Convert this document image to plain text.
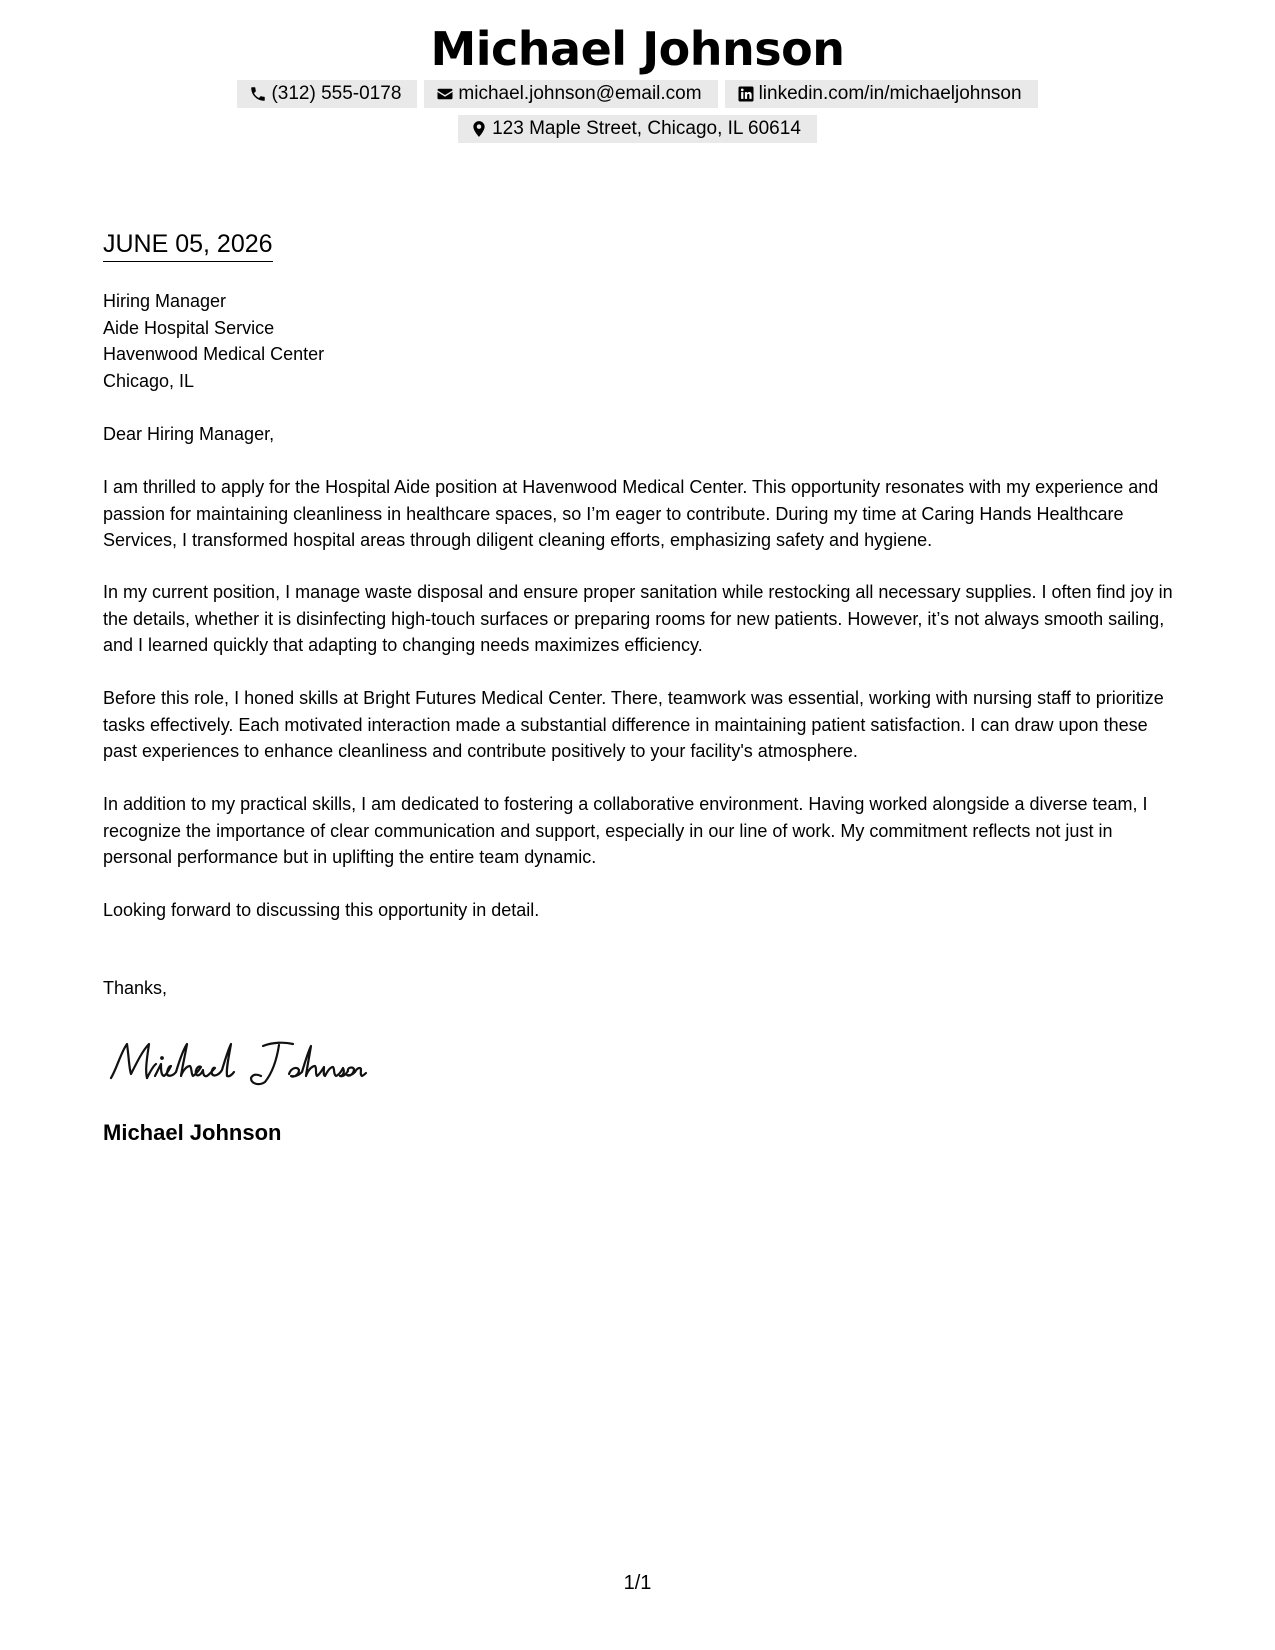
Michael Johnson
(312) 555-0178	michael.johnson@email.com	linkedin.com/in/michaeljohnson
123 Maple Street, Chicago, IL 60614
JUNE 05, 2026
Hiring Manager
Aide Hospital Service
Havenwood Medical Center
Chicago, IL

Dear Hiring Manager,

I am thrilled to apply for the Hospital Aide position at Havenwood Medical Center. This opportunity resonates with my experience and passion for maintaining cleanliness in healthcare spaces, so I’m eager to contribute. During my time at Caring Hands Healthcare Services, I transformed hospital areas through diligent cleaning efforts, emphasizing safety and hygiene.

In my current position, I manage waste disposal and ensure proper sanitation while restocking all necessary supplies. I often find joy in the details, whether it is disinfecting high-touch surfaces or preparing rooms for new patients. However, it’s not always smooth sailing, and I learned quickly that adapting to changing needs maximizes efficiency.

Before this role, I honed skills at Bright Futures Medical Center. There, teamwork was essential, working with nursing staff to prioritize tasks effectively. Each motivated interaction made a substantial difference in maintaining patient satisfaction. I can draw upon these past experiences to enhance cleanliness and contribute positively to your facility's atmosphere.

In addition to my practical skills, I am dedicated to fostering a collaborative environment. Having worked alongside a diverse team, I recognize the importance of clear communication and support, especially in our line of work. My commitment reflects not just in personal performance but in uplifting the entire team dynamic.

Looking forward to discussing this opportunity in detail.

Thanks,

Michael Johnson
1/1
